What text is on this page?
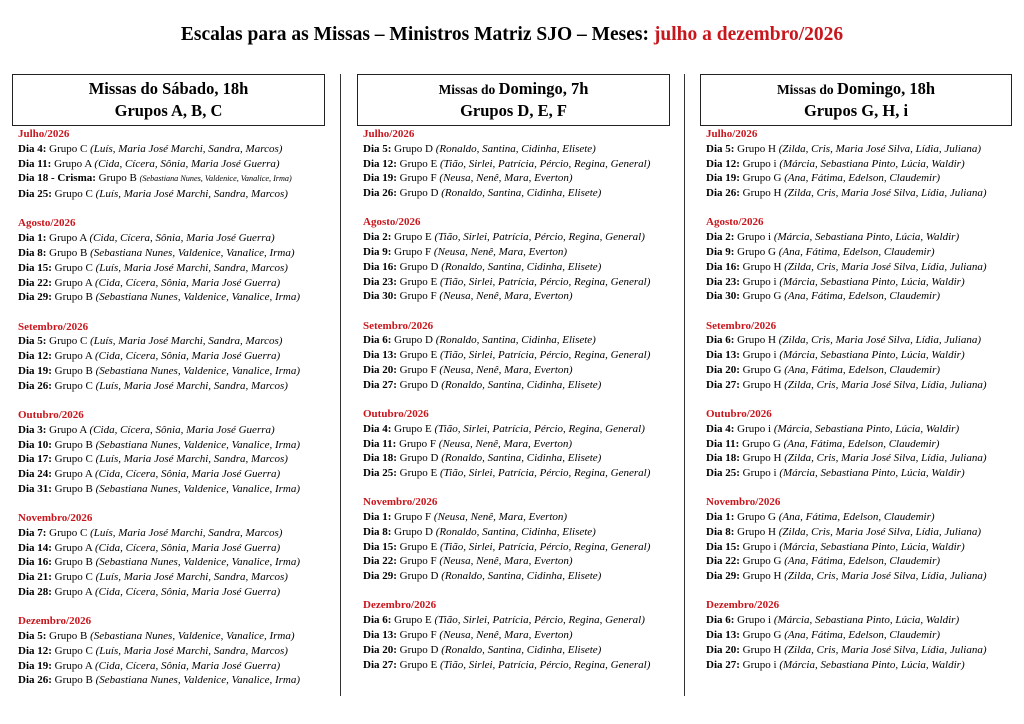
Escalas para as Missas – Ministros Matriz SJO – Meses: julho a dezembro/2026
Missas do Sábado, 18h
Grupos A, B, C
Julho/2026
Dia 4: Grupo C (Luís, Maria José Marchi, Sandra, Marcos)
Dia 11: Grupo A (Cida, Cícera, Sônia, Maria José Guerra)
Dia 18 - Crisma: Grupo B (Sebastiana Nunes, Valdenice, Vanalice, Irma)
Dia 25: Grupo C (Luís, Maria José Marchi, Sandra, Marcos)
Agosto/2026
Dia 1: Grupo A (Cida, Cícera, Sônia, Maria José Guerra)
Dia 8: Grupo B (Sebastiana Nunes, Valdenice, Vanalice, Irma)
Dia 15: Grupo C (Luís, Maria José Marchi, Sandra, Marcos)
Dia 22: Grupo A (Cida, Cícera, Sônia, Maria José Guerra)
Dia 29: Grupo B (Sebastiana Nunes, Valdenice, Vanalice, Irma)
Setembro/2026
Dia 5: Grupo C (Luís, Maria José Marchi, Sandra, Marcos)
Dia 12: Grupo A (Cida, Cícera, Sônia, Maria José Guerra)
Dia 19: Grupo B (Sebastiana Nunes, Valdenice, Vanalice, Irma)
Dia 26: Grupo C (Luís, Maria José Marchi, Sandra, Marcos)
Outubro/2026
Dia 3: Grupo A (Cida, Cícera, Sônia, Maria José Guerra)
Dia 10: Grupo B (Sebastiana Nunes, Valdenice, Vanalice, Irma)
Dia 17: Grupo C (Luís, Maria José Marchi, Sandra, Marcos)
Dia 24: Grupo A (Cida, Cícera, Sônia, Maria José Guerra)
Dia 31: Grupo B (Sebastiana Nunes, Valdenice, Vanalice, Irma)
Novembro/2026
Dia 7: Grupo C (Luís, Maria José Marchi, Sandra, Marcos)
Dia 14: Grupo A (Cida, Cícera, Sônia, Maria José Guerra)
Dia 16: Grupo B (Sebastiana Nunes, Valdenice, Vanalice, Irma)
Dia 21: Grupo C (Luís, Maria José Marchi, Sandra, Marcos)
Dia 28: Grupo A (Cida, Cícera, Sônia, Maria José Guerra)
Dezembro/2026
Dia 5: Grupo B (Sebastiana Nunes, Valdenice, Vanalice, Irma)
Dia 12: Grupo C (Luís, Maria José Marchi, Sandra, Marcos)
Dia 19: Grupo A (Cida, Cícera, Sônia, Maria José Guerra)
Dia 26: Grupo B (Sebastiana Nunes, Valdenice, Vanalice, Irma)
Missas do Domingo, 7h
Grupos D, E, F
Julho/2026
Dia 5: Grupo D (Ronaldo, Santina, Cidinha, Elisete)
Dia 12: Grupo E (Tião, Sirlei, Patrícia, Pércio, Regina, General)
Dia 19: Grupo F (Neusa, Nenê, Mara, Everton)
Dia 26: Grupo D (Ronaldo, Santina, Cidinha, Elisete)
Agosto/2026
Dia 2: Grupo E (Tião, Sirlei, Patrícia, Pércio, Regina, General)
Dia 9: Grupo F (Neusa, Nenê, Mara, Everton)
Dia 16: Grupo D (Ronaldo, Santina, Cidinha, Elisete)
Dia 23: Grupo E (Tião, Sirlei, Patrícia, Pércio, Regina, General)
Dia 30: Grupo F (Neusa, Nenê, Mara, Everton)
Setembro/2026
Dia 6: Grupo D (Ronaldo, Santina, Cidinha, Elisete)
Dia 13: Grupo E (Tião, Sirlei, Patrícia, Pércio, Regina, General)
Dia 20: Grupo F (Neusa, Nenê, Mara, Everton)
Dia 27: Grupo D (Ronaldo, Santina, Cidinha, Elisete)
Outubro/2026
Dia 4: Grupo E (Tião, Sirlei, Patrícia, Pércio, Regina, General)
Dia 11: Grupo F (Neusa, Nenê, Mara, Everton)
Dia 18: Grupo D (Ronaldo, Santina, Cidinha, Elisete)
Dia 25: Grupo E (Tião, Sirlei, Patrícia, Pércio, Regina, General)
Novembro/2026
Dia 1: Grupo F (Neusa, Nenê, Mara, Everton)
Dia 8: Grupo D (Ronaldo, Santina, Cidinha, Elisete)
Dia 15: Grupo E (Tião, Sirlei, Patrícia, Pércio, Regina, General)
Dia 22: Grupo F (Neusa, Nenê, Mara, Everton)
Dia 29: Grupo D (Ronaldo, Santina, Cidinha, Elisete)
Dezembro/2026
Dia 6: Grupo E (Tião, Sirlei, Patrícia, Pércio, Regina, General)
Dia 13: Grupo F (Neusa, Nenê, Mara, Everton)
Dia 20: Grupo D (Ronaldo, Santina, Cidinha, Elisete)
Dia 27: Grupo E (Tião, Sirlei, Patrícia, Pércio, Regina, General)
Missas do Domingo, 18h
Grupos G, H, i
Julho/2026
Dia 5: Grupo H (Zilda, Cris, Maria José Silva, Lídia, Juliana)
Dia 12: Grupo i (Márcia, Sebastiana Pinto, Lúcia, Waldir)
Dia 19: Grupo G (Ana, Fátima, Edelson, Claudemir)
Dia 26: Grupo H (Zilda, Cris, Maria José Silva, Lídia, Juliana)
Agosto/2026
Dia 2: Grupo i (Márcia, Sebastiana Pinto, Lúcia, Waldir)
Dia 9: Grupo G (Ana, Fátima, Edelson, Claudemir)
Dia 16: Grupo H (Zilda, Cris, Maria José Silva, Lídia, Juliana)
Dia 23: Grupo i (Márcia, Sebastiana Pinto, Lúcia, Waldir)
Dia 30: Grupo G (Ana, Fátima, Edelson, Claudemir)
Setembro/2026
Dia 6: Grupo H (Zilda, Cris, Maria José Silva, Lídia, Juliana)
Dia 13: Grupo i (Márcia, Sebastiana Pinto, Lúcia, Waldir)
Dia 20: Grupo G (Ana, Fátima, Edelson, Claudemir)
Dia 27: Grupo H (Zilda, Cris, Maria José Silva, Lídia, Juliana)
Outubro/2026
Dia 4: Grupo i (Márcia, Sebastiana Pinto, Lúcia, Waldir)
Dia 11: Grupo G (Ana, Fátima, Edelson, Claudemir)
Dia 18: Grupo H (Zilda, Cris, Maria José Silva, Lídia, Juliana)
Dia 25: Grupo i (Márcia, Sebastiana Pinto, Lúcia, Waldir)
Novembro/2026
Dia 1: Grupo G (Ana, Fátima, Edelson, Claudemir)
Dia 8: Grupo H (Zilda, Cris, Maria José Silva, Lídia, Juliana)
Dia 15: Grupo i (Márcia, Sebastiana Pinto, Lúcia, Waldir)
Dia 22: Grupo G (Ana, Fátima, Edelson, Claudemir)
Dia 29: Grupo H (Zilda, Cris, Maria José Silva, Lídia, Juliana)
Dezembro/2026
Dia 6: Grupo i (Márcia, Sebastiana Pinto, Lúcia, Waldir)
Dia 13: Grupo G (Ana, Fátima, Edelson, Claudemir)
Dia 20: Grupo H (Zilda, Cris, Maria José Silva, Lídia, Juliana)
Dia 27: Grupo i (Márcia, Sebastiana Pinto, Lúcia, Waldir)
